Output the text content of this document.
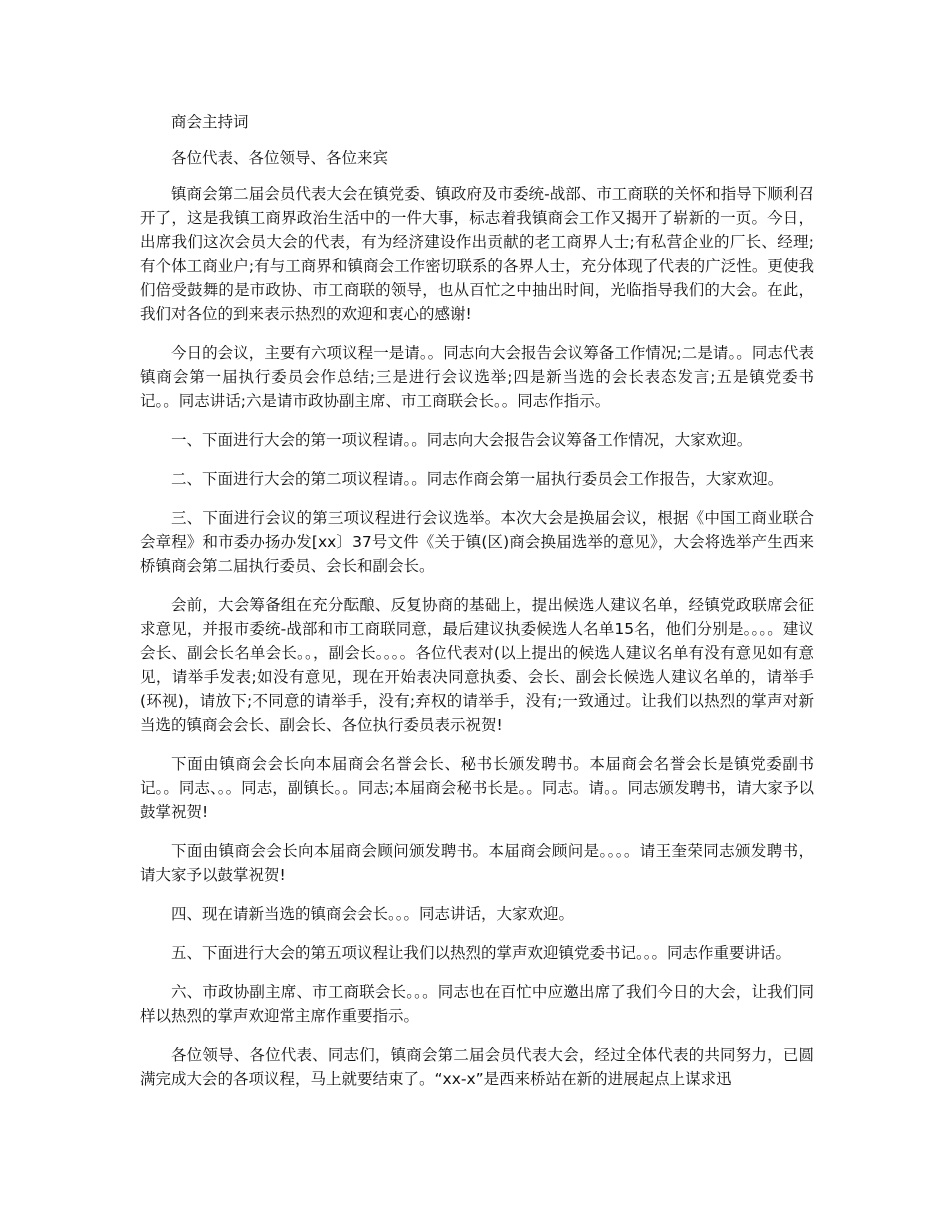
商会主持词

各位代表、各位领导、各位来宾

镇商会第二届会员代表大会在镇党委、镇政府及市委统-战部、市工商联的关怀和指导下顺利召开了，这是我镇工商界政治生活中的一件大事，标志着我镇商会工作又揭开了崭新的一页。今日，出席我们这次会员大会的代表，有为经济建设作出贡献的老工商界人士;有私营企业的厂长、经理;有个体工商业户;有与工商界和镇商会工作密切联系的各界人士，充分体现了代表的广泛性。更使我们倍受鼓舞的是市政协、市工商联的领导，也从百忙之中抽出时间，光临指导我们的大会。在此，我们对各位的到来表示热烈的欢迎和衷心的感谢!

今日的会议，主要有六项议程一是请。。同志向大会报告会议筹备工作情况;二是请。。同志代表镇商会第一届执行委员会作总结;三是进行会议选举;四是新当选的会长表态发言;五是镇党委书记。。同志讲话;六是请市政协副主席、市工商联会长。。同志作指示。

一、下面进行大会的第一项议程请。。同志向大会报告会议筹备工作情况，大家欢迎。

二、下面进行大会的第二项议程请。。同志作商会第一届执行委员会工作报告，大家欢迎。

三、下面进行会议的第三项议程进行会议选举。本次大会是换届会议，根据《中国工商业联合会章程》和市委办扬办发[xx〕37号文件《关于镇(区)商会换届选举的意见》，大会将选举产生西来桥镇商会第二届执行委员、会长和副会长。

会前，大会筹备组在充分酝酿、反复协商的基础上，提出候选人建议名单，经镇党政联席会征求意见，并报市委统-战部和市工商联同意，最后建议执委候选人名单15名，他们分别是。。。。建议会长、副会长名单会长。。，副会长。。。。各位代表对(以上提出的候选人建议名单有没有意见如有意见，请举手发表;如没有意见，现在开始表决同意执委、会长、副会长候选人建议名单的，请举手(环视)，请放下;不同意的请举手，没有;弃权的请举手，没有;一致通过。让我们以热烈的掌声对新当选的镇商会会长、副会长、各位执行委员表示祝贺!

下面由镇商会会长向本届商会名誉会长、秘书长颁发聘书。本届商会名誉会长是镇党委副书记。。同志、。。同志，副镇长。。同志;本届商会秘书长是。。同志。请。。同志颁发聘书，请大家予以鼓掌祝贺!

下面由镇商会会长向本届商会顾问颁发聘书。本届商会顾问是。。。。请王奎荣同志颁发聘书，请大家予以鼓掌祝贺!

四、现在请新当选的镇商会会长。。。同志讲话，大家欢迎。

五、下面进行大会的第五项议程让我们以热烈的掌声欢迎镇党委书记。。。同志作重要讲话。

六、市政协副主席、市工商联会长。。。同志也在百忙中应邀出席了我们今日的大会，让我们同样以热烈的掌声欢迎常主席作重要指示。

各位领导、各位代表、同志们，镇商会第二届会员代表大会，经过全体代表的共同努力，已圆满完成大会的各项议程，马上就要结束了。“xx-x”是西来桥站在新的进展起点上谋求迅
